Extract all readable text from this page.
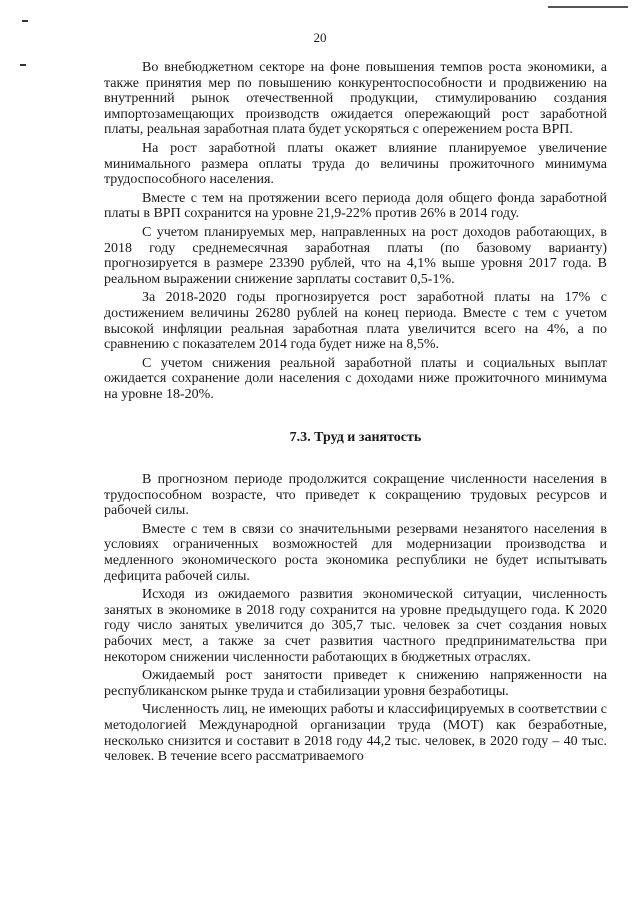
20

Во внебюджетном секторе на фоне повышения темпов роста экономики, а также принятия мер по повышению конкурентоспособности и продвижению на внутренний рынок отечественной продукции, стимулированию создания импортозамещающих производств ожидается опережающий рост заработной платы, реальная заработная плата будет ускоряться с опережением роста ВРП.

На рост заработной платы окажет влияние планируемое увеличение минимального размера оплаты труда до величины прожиточного минимума трудоспособного населения.

Вместе с тем на протяжении всего периода доля общего фонда заработной платы в ВРП сохранится на уровне 21,9-22% против 26% в 2014 году.

С учетом планируемых мер, направленных на рост доходов работающих, в 2018 году среднемесячная заработная платы (по базовому варианту) прогнозируется в размере 23390 рублей, что на 4,1% выше уровня 2017 года. В реальном выражении снижение зарплаты составит 0,5-1%.

За 2018-2020 годы прогнозируется рост заработной платы на 17% с достижением величины 26280 рублей на конец периода. Вместе с тем с учетом высокой инфляции реальная заработная плата увеличится всего на 4%, а по сравнению с показателем 2014 года будет ниже на 8,5%.

С учетом снижения реальной заработной платы и социальных выплат ожидается сохранение доли населения с доходами ниже прожиточного минимума на уровне 18-20%.

7.3. Труд и занятость

В прогнозном периоде продолжится сокращение численности населения в трудоспособном возрасте, что приведет к сокращению трудовых ресурсов и рабочей силы.

Вместе с тем в связи со значительными резервами незанятого населения в условиях ограниченных возможностей для модернизации производства и медленного экономического роста экономика республики не будет испытывать дефицита рабочей силы.

Исходя из ожидаемого развития экономической ситуации, численность занятых в экономике в 2018 году сохранится на уровне предыдущего года. К 2020 году число занятых увеличится до 305,7 тыс. человек за счет создания новых рабочих мест, а также за счет развития частного предпринимательства при некотором снижении численности работающих в бюджетных отраслях.

Ожидаемый рост занятости приведет к снижению напряженности на республиканском рынке труда и стабилизации уровня безработицы.

Численность лиц, не имеющих работы и классифицируемых в соответствии с методологией Международной организации труда (МОТ) как безработные, несколько снизится и составит в 2018 году 44,2 тыс. человек, в 2020 году – 40 тыс. человек. В течение всего рассматриваемого
